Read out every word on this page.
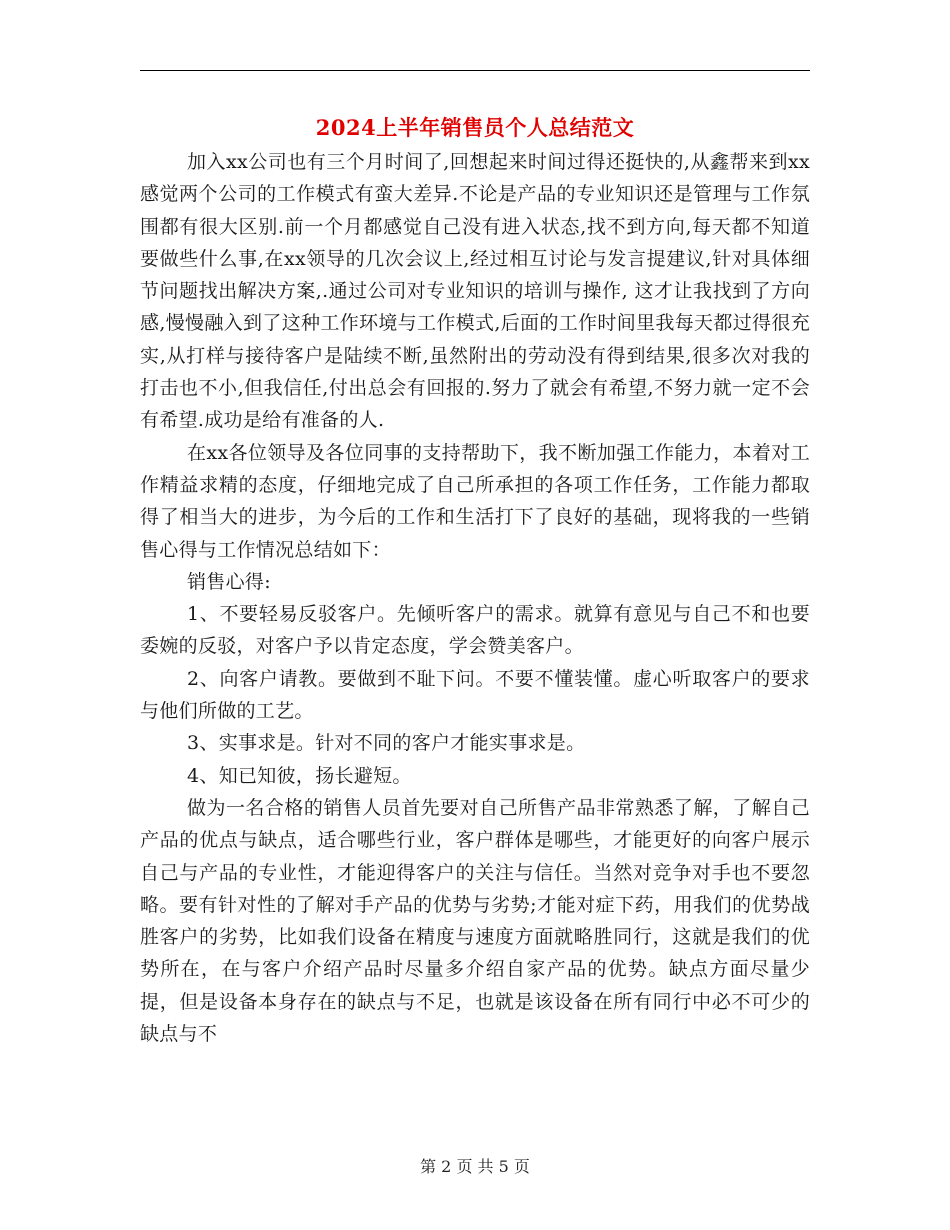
2024上半年销售员个人总结范文

加入xx公司也有三个月时间了,回想起来时间过得还挺快的,从鑫帮来到xx感觉两个公司的工作模式有蛮大差异.不论是产品的专业知识还是管理与工作氛围都有很大区别.前一个月都感觉自己没有进入状态,找不到方向,每天都不知道要做些什么事,在xx领导的几次会议上,经过相互讨论与发言提建议,针对具体细节问题找出解决方案,.通过公司对专业知识的培训与操作, 这才让我找到了方向感,慢慢融入到了这种工作环境与工作模式,后面的工作时间里我每天都过得很充实,从打样与接待客户是陆续不断,虽然附出的劳动没有得到结果,很多次对我的打击也不小,但我信任,付出总会有回报的.努力了就会有希望,不努力就一定不会有希望.成功是给有准备的人.

在xx各位领导及各位同事的支持帮助下，我不断加强工作能力，本着对工作精益求精的态度，仔细地完成了自己所承担的各项工作任务，工作能力都取得了相当大的进步，为今后的工作和生活打下了良好的基础，现将我的一些销售心得与工作情况总结如下：

销售心得:

1、不要轻易反驳客户。先倾听客户的需求。就算有意见与自己不和也要委婉的反驳，对客户予以肯定态度，学会赞美客户。

2、向客户请教。要做到不耻下问。不要不懂装懂。虚心听取客户的要求与他们所做的工艺。

3、实事求是。针对不同的客户才能实事求是。

4、知已知彼，扬长避短。

做为一名合格的销售人员首先要对自己所售产品非常熟悉了解，了解自己产品的优点与缺点，适合哪些行业，客户群体是哪些，才能更好的向客户展示自己与产品的专业性，才能迎得客户的关注与信任。当然对竞争对手也不要忽略。要有针对性的了解对手产品的优势与劣势;才能对症下药，用我们的优势战胜客户的劣势，比如我们设备在精度与速度方面就略胜同行，这就是我们的优势所在，在与客户介绍产品时尽量多介绍自家产品的优势。缺点方面尽量少提，但是设备本身存在的缺点与不足，也就是该设备在所有同行中必不可少的缺点与不

第 2 页 共 5 页
